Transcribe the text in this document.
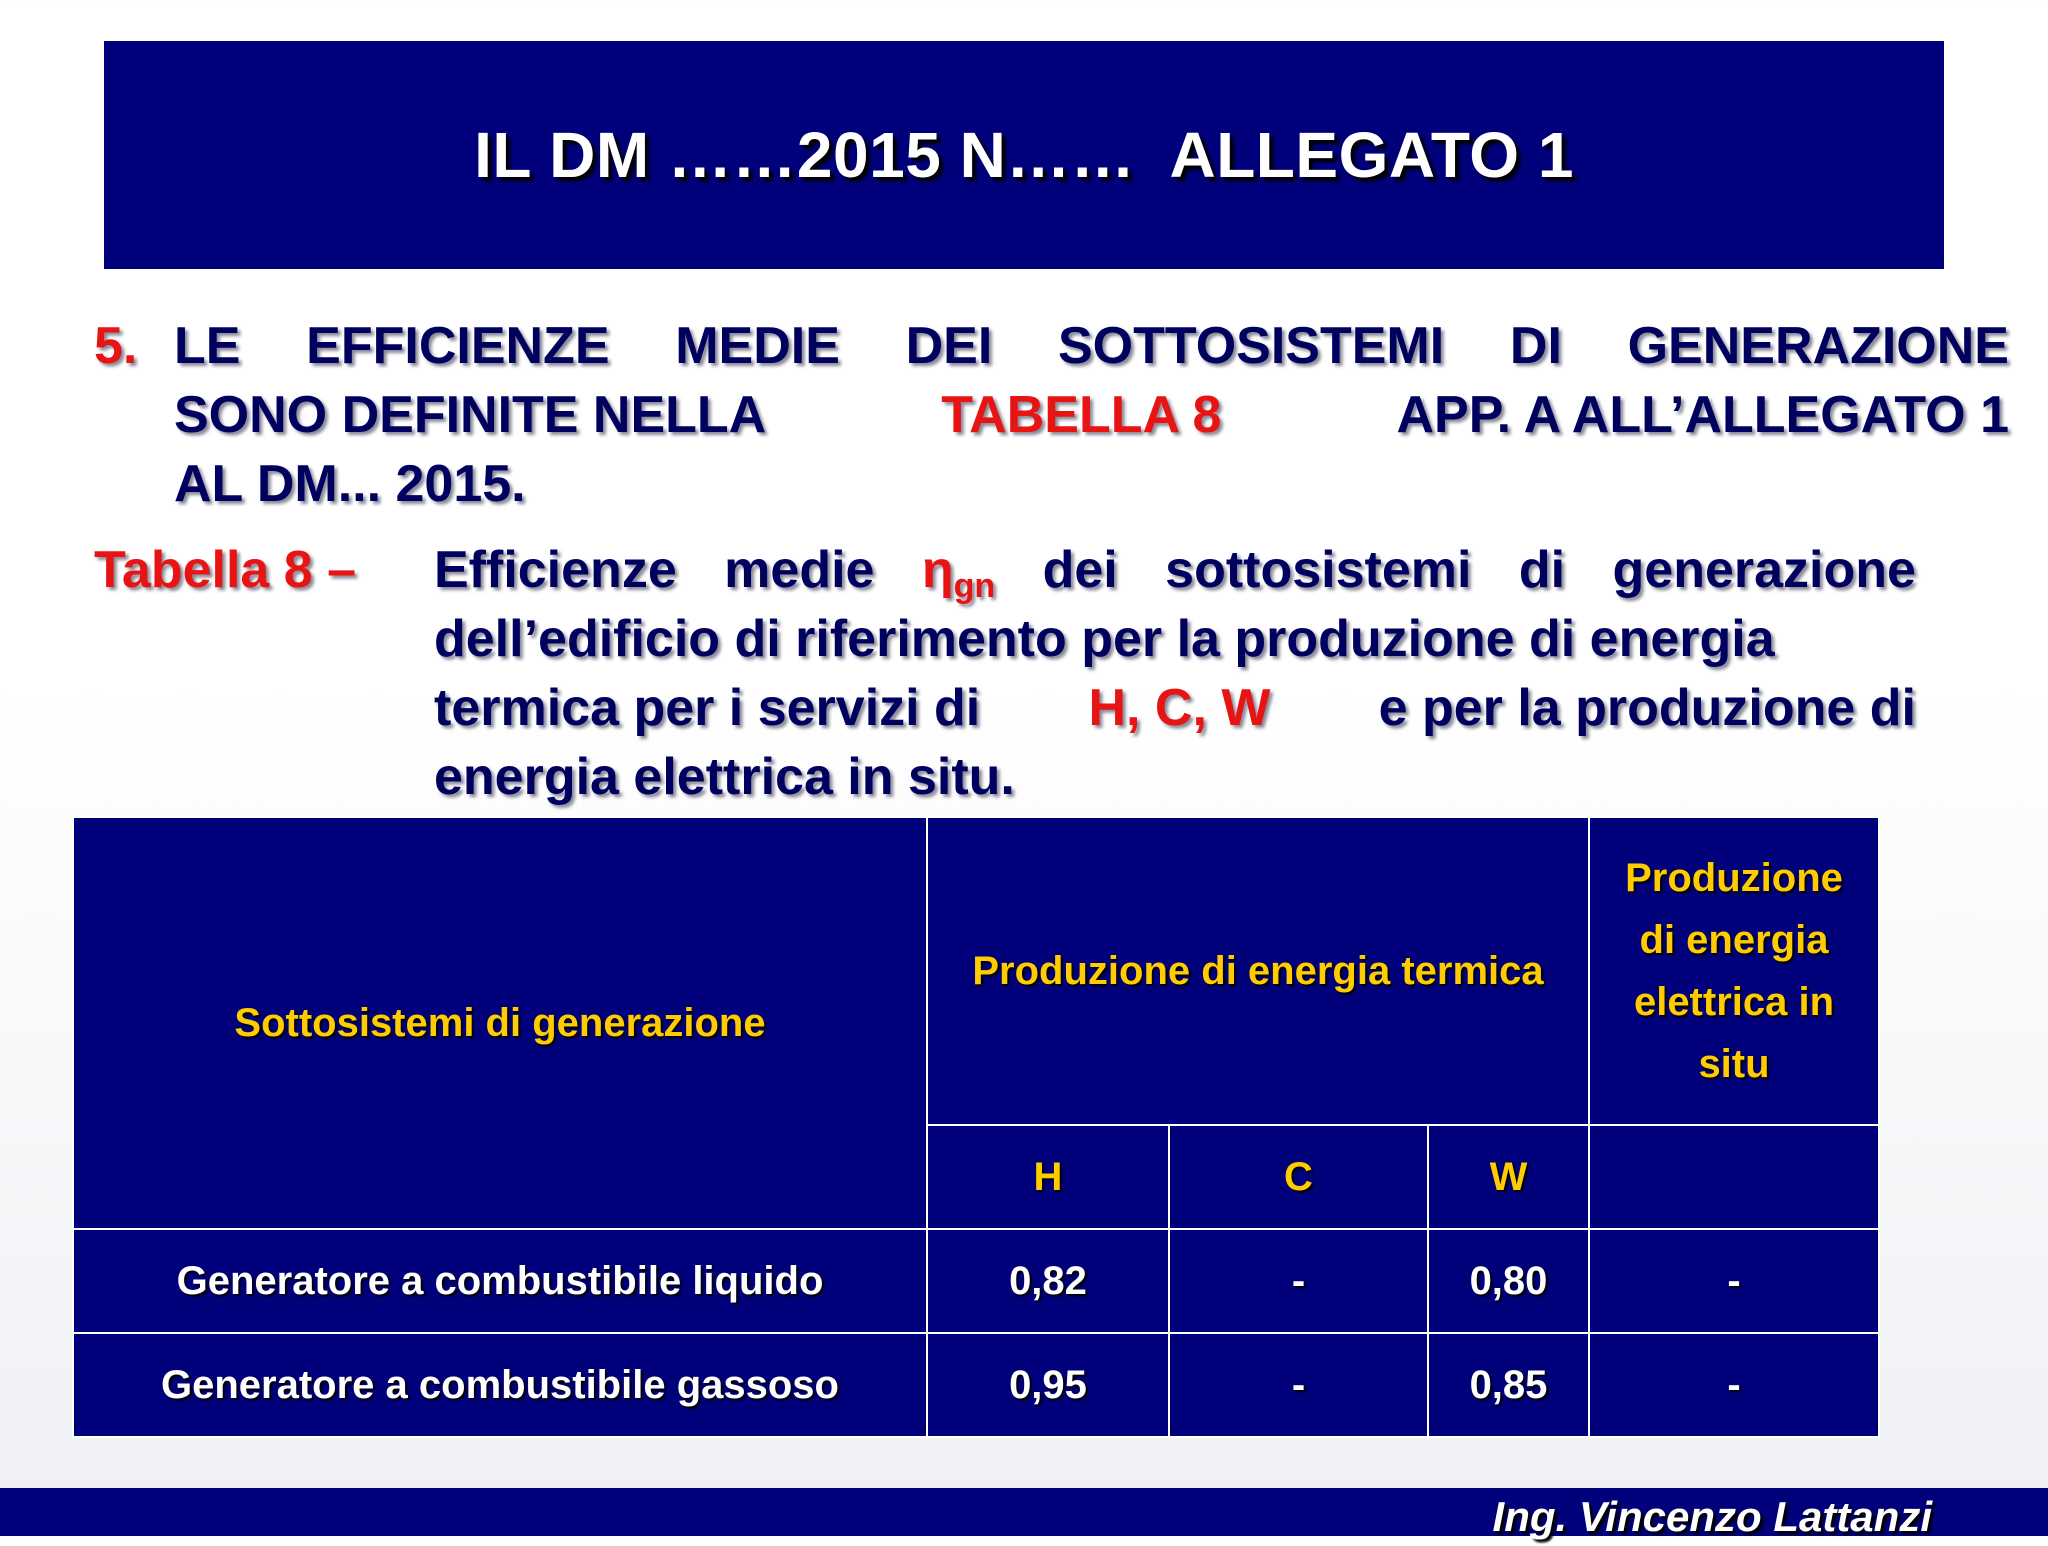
IL DM ……2015 N……  ALLEGATO 1
5. LE EFFICIENZE MEDIE DEI SOTTOSISTEMI DI GENERAZIONE
SONO DEFINITE NELLA	TABELLA 8	APP. A ALL’ALLEGATO 1
AL DM... 2015.
Tabella 8 – Efficienze medie $\eta_{gn}$ dei sottosistemi di generazione
dell’edificio di riferimento per la produzione di energia
termica per i servizi di H, C, W e per la produzione di
energia elettrica in situ.
Sottosistemi di generazione	Produzione di energia termica			Produzione
di energia
elettrica in
situ

	H	C	W	
Generatore a combustibile liquido	0,82	-	0,80	-
Generatore a combustibile gassoso	0,95	-	0,85	-
Ing. Vincenzo Lattanzi
